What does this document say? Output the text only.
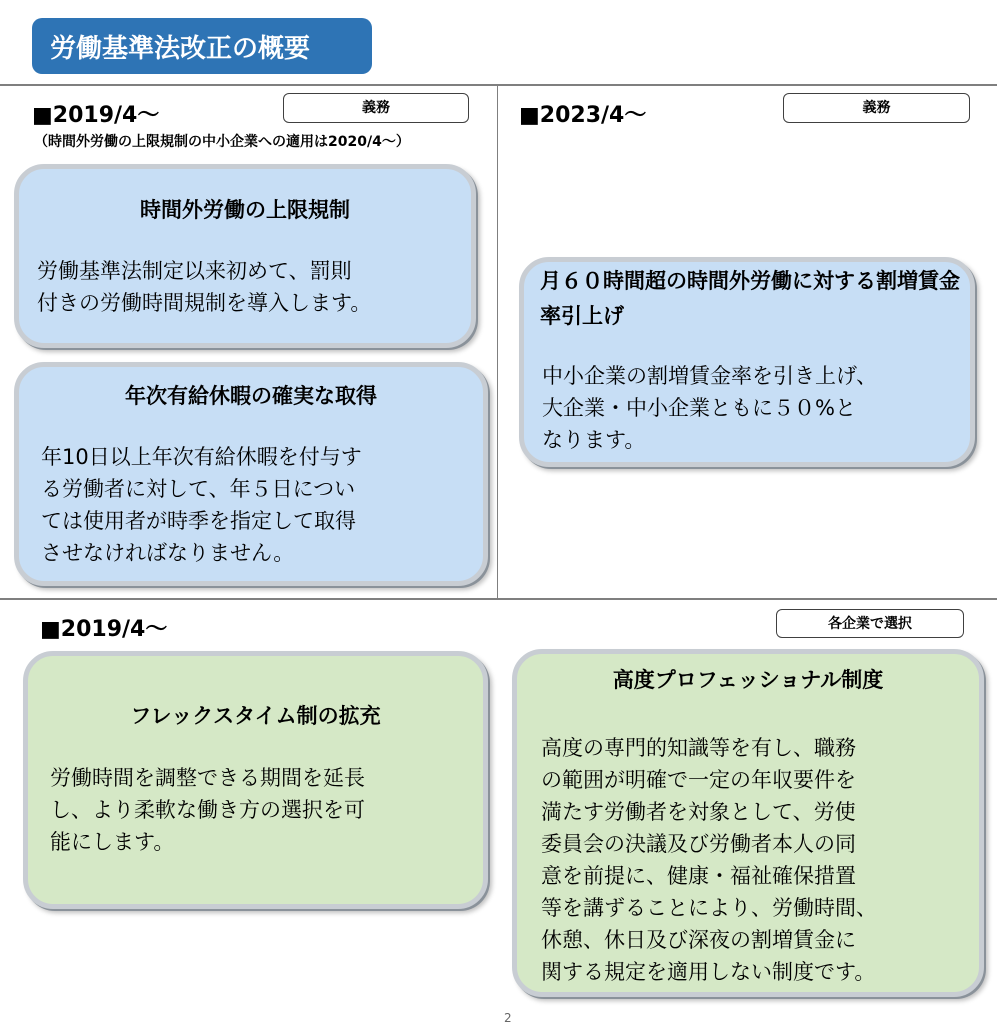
労働基準法改正の概要
■2019/4〜
（時間外労働の上限規制の中小企業への適用は2020/4〜）
義務
時間外労働の上限規制
労働基準法制定以来初めて、罰則
付きの労働時間規制を導入します。
年次有給休暇の確実な取得
年10日以上年次有給休暇を付与す
る労働者に対して、年５日につい
ては使用者が時季を指定して取得
させなければなりません。
■2023/4〜	義務
月６０時間超の時間外労働に対する割増賃金率引上げ
中小企業の割増賃金率を引き上げ、
大企業・中小企業ともに５０%と
なります。
■2019/4〜	各企業で選択
フレックスタイム制の拡充
労働時間を調整できる期間を延長
し、より柔軟な働き方の選択を可
能にします。
高度プロフェッショナル制度
高度の専門的知識等を有し、職務
の範囲が明確で一定の年収要件を
満たす労働者を対象として、労使
委員会の決議及び労働者本人の同
意を前提に、健康・福祉確保措置
等を講ずることにより、労働時間、
休憩、休日及び深夜の割増賃金に
関する規定を適用しない制度です。
2
